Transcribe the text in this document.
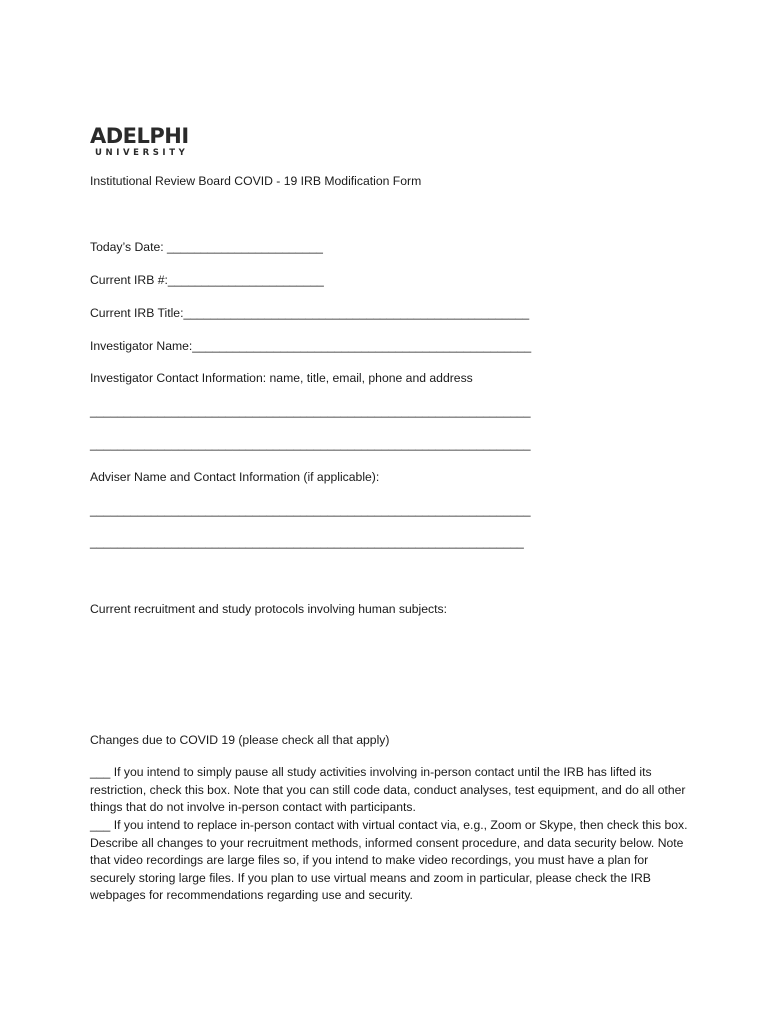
ADELPHI
UNIVERSITY
Institutional Review Board COVID - 19 IRB Modification Form
Today’s Date: _______________________
Current IRB #:_______________________
Current IRB Title:___________________________________________________
Investigator Name:__________________________________________________
Investigator Contact Information: name, title, email, phone and address
_________________________________________________________________
_________________________________________________________________
Adviser Name and Contact Information (if applicable):
_________________________________________________________________
________________________________________________________________
Current recruitment and study protocols involving human subjects:
Changes due to COVID 19 (please check all that apply)
___ If you intend to simply pause all study activities involving in-person contact until the IRB has lifted its restriction, check this box. Note that you can still code data, conduct analyses, test equipment, and do all other things that do not involve in-person contact with participants.
___ If you intend to replace in-person contact with virtual contact via, e.g., Zoom or Skype, then check this box. Describe all changes to your recruitment methods, informed consent procedure, and data security below. Note that video recordings are large files so, if you intend to make video recordings, you must have a plan for securely storing large files. If you plan to use virtual means and zoom in particular, please check the IRB webpages for recommendations regarding use and security.
